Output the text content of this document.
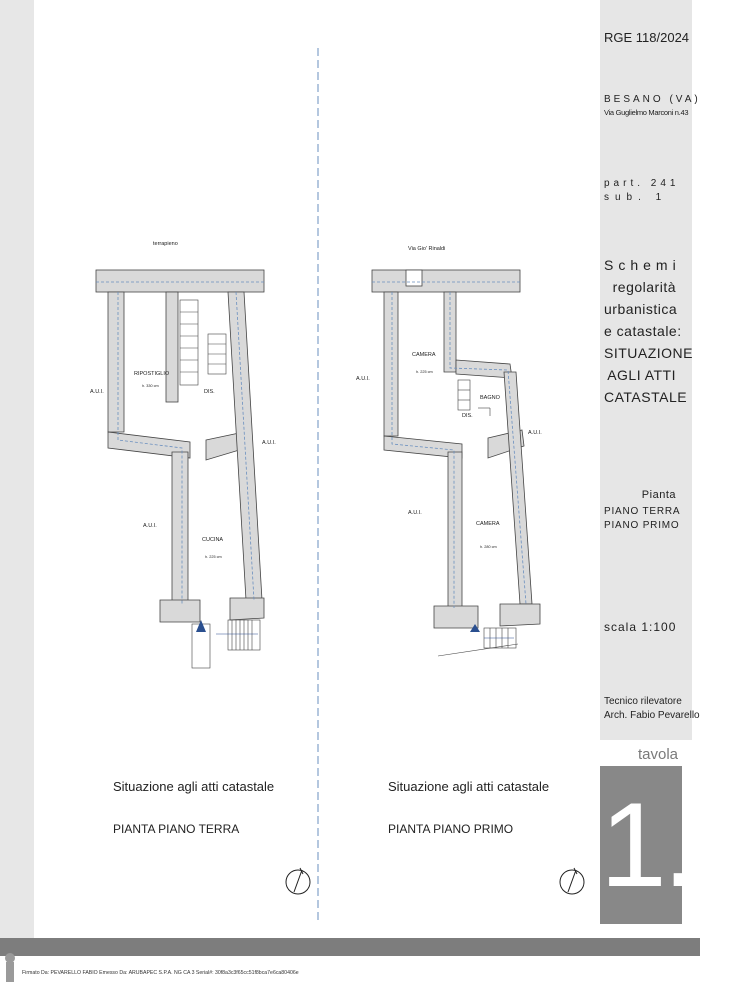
RGE 118/2024
BESANO (VA)
Via Guglielmo Marconi n.43
part. 241
sub. 1
Schemi
regolarità
urbanistica
e catastale:
SITUAZIONE
AGLI ATTI
CATASTALE
Pianta
PIANO TERRA
PIANO PRIMO
scala 1:100
Tecnico rilevatore
Arch. Fabio Pevarello
tavola
1.1
terrapieno
RIPOSTIGLIO
h. 330 cm
DIS.
CUCINA
h. 225 cm
A.U.I.
A.U.I.
A.U.I.
Via Gio' Rinaldi
CAMERA
h. 225 cm
BAGNO
DIS.
CAMERA
h. 280 cm
A.U.I.
A.U.I.
A.U.I.
Situazione agli atti catastale
PIANTA PIANO TERRA
Situazione agli atti catastale
PIANTA PIANO PRIMO
Firmato Da: PEVARELLO FABIO Emesso Da: ARUBAPEC S.P.A. NG CA 3 Serial#: 30f8a3c3f65cc51f8bca7e6ca80406e
